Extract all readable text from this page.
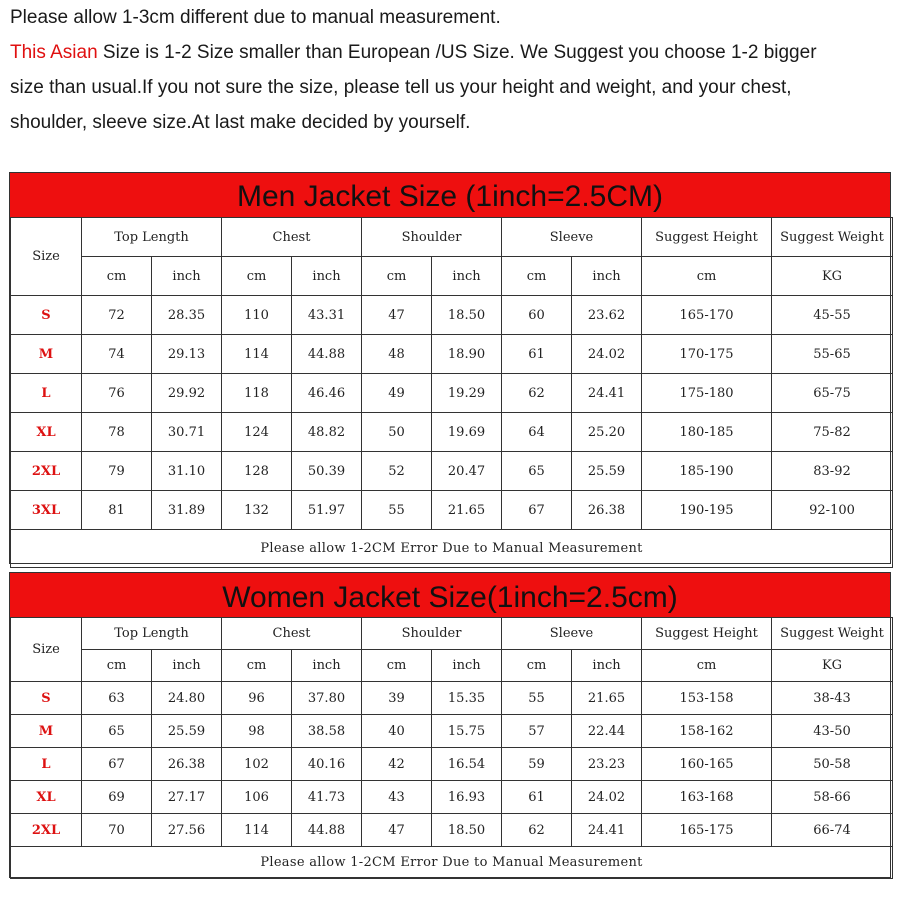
Please allow 1-3cm different due to manual measurement.

This Asian Size is 1-2 Size smaller than European /US Size. We Suggest you choose 1-2 bigger

size than usual.If you not sure the size, please tell us your height and weight, and your chest,

shoulder, sleeve size.At last make decided by yourself.

Men Jacket Size (1inch=2.5CM)
Size	Top Length		Chest		Shoulder		Sleeve		Suggest Height	Suggest Weight
	cm	inch	cm	inch	cm	inch	cm	inch	cm	KG
S	72	28.35	110	43.31	47	18.50	60	23.62	165-170	45-55
M	74	29.13	114	44.88	48	18.90	61	24.02	170-175	55-65
L	76	29.92	118	46.46	49	19.29	62	24.41	175-180	65-75
XL	78	30.71	124	48.82	50	19.69	64	25.20	180-185	75-82
2XL	79	31.10	128	50.39	52	20.47	65	25.59	185-190	83-92
3XL	81	31.89	132	51.97	55	21.65	67	26.38	190-195	92-100
Please allow 1-2CM Error Due to Manual Measurement										
Women Jacket Size(1inch=2.5cm)
Size	Top Length		Chest		Shoulder		Sleeve		Suggest Height	Suggest Weight
	cm	inch	cm	inch	cm	inch	cm	inch	cm	KG
S	63	24.80	96	37.80	39	15.35	55	21.65	153-158	38-43
M	65	25.59	98	38.58	40	15.75	57	22.44	158-162	43-50
L	67	26.38	102	40.16	42	16.54	59	23.23	160-165	50-58
XL	69	27.17	106	41.73	43	16.93	61	24.02	163-168	58-66
2XL	70	27.56	114	44.88	47	18.50	62	24.41	165-175	66-74
Please allow 1-2CM Error Due to Manual Measurement										
